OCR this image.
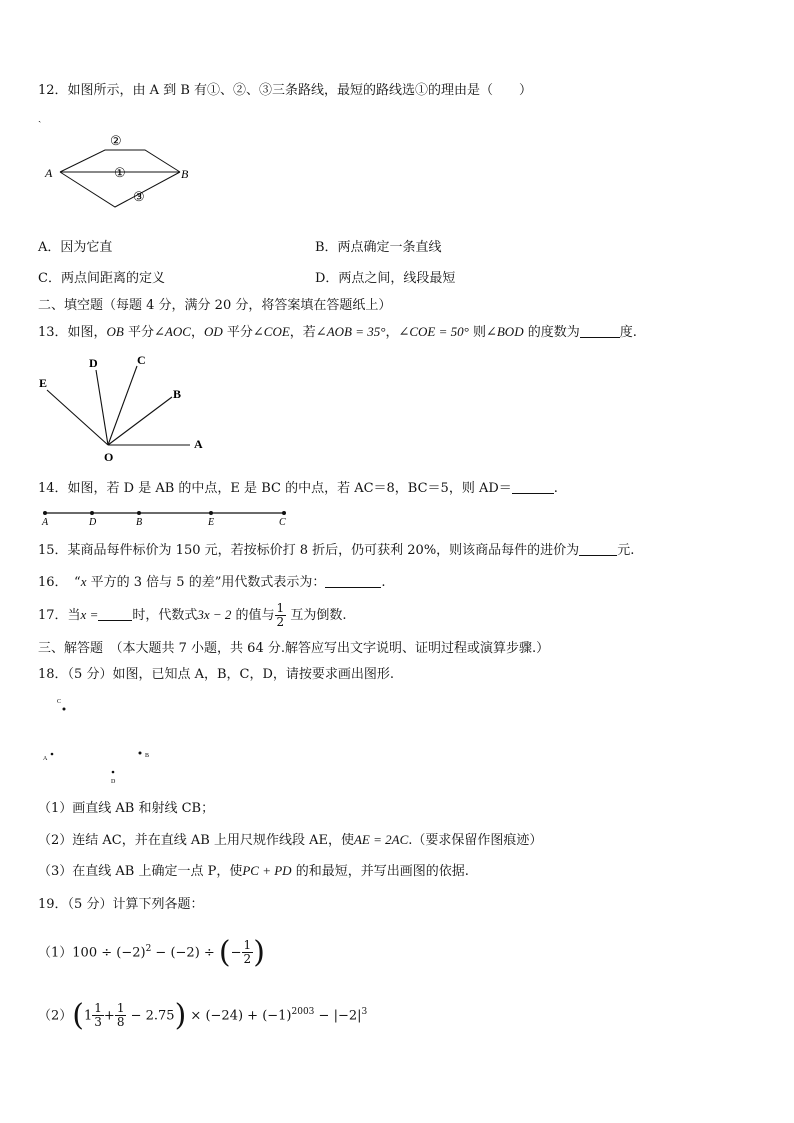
12．如图所示，由 A 到 B 有①、②、③三条路线，最短的路线选①的理由是（　　）
ˏ
A	B
①
②
③
A．因为它直	B．两点确定一条直线
C．两点间距离的定义	D．两点之间，线段最短
二、填空题（每题 4 分，满分 20 分，将答案填在答题纸上）
13．如图，OB 平分∠AOC，OD 平分∠COE，若∠AOB = 35°，∠COE = 50° 则∠BOD 的度数为	度.
D	C
E
B
A
O
14．如图，若 D 是 AB 的中点，E 是 BC 的中点，若 AC＝8，BC＝5，则 AD＝	.
A	D	B	E	C
15．某商品每件标价为 150 元，若按标价打 8 折后，仍可获利 20%，则该商品每件的进价为	元.
16．　“x 平方的 3 倍与 5 的差”用代数式表示为：	.
17．当x =	时，代数式3x − 2 的值与 $\frac{1}{2}$ 互为倒数.
三、解答题　（本大题共 7 小题，共 64 分.解答应写出文字说明、证明过程或演算步骤.）
18．（5 分）如图，已知点 A，B，C，D，请按要求画出图形.
C
A	B
D
（1）画直线 AB 和射线 CB；
（2）连结 AC，并在直线 AB 上用尺规作线段 AE，使AE = 2AC.（要求保留作图痕迹）
（3）在直线 AB 上确定一点 P，使PC + PD 的和最短，并写出画图的依据.
19．（5 分）计算下列各题：
$(1)100 \div (-2)^2 - (-2)$ ÷ (− $\frac{1}{2}$ )
$(2)(1 \frac{1}{3} + \frac{1}{8} - 2.75) \times (-24) + (-1)^{2003} - |-2|^3$
